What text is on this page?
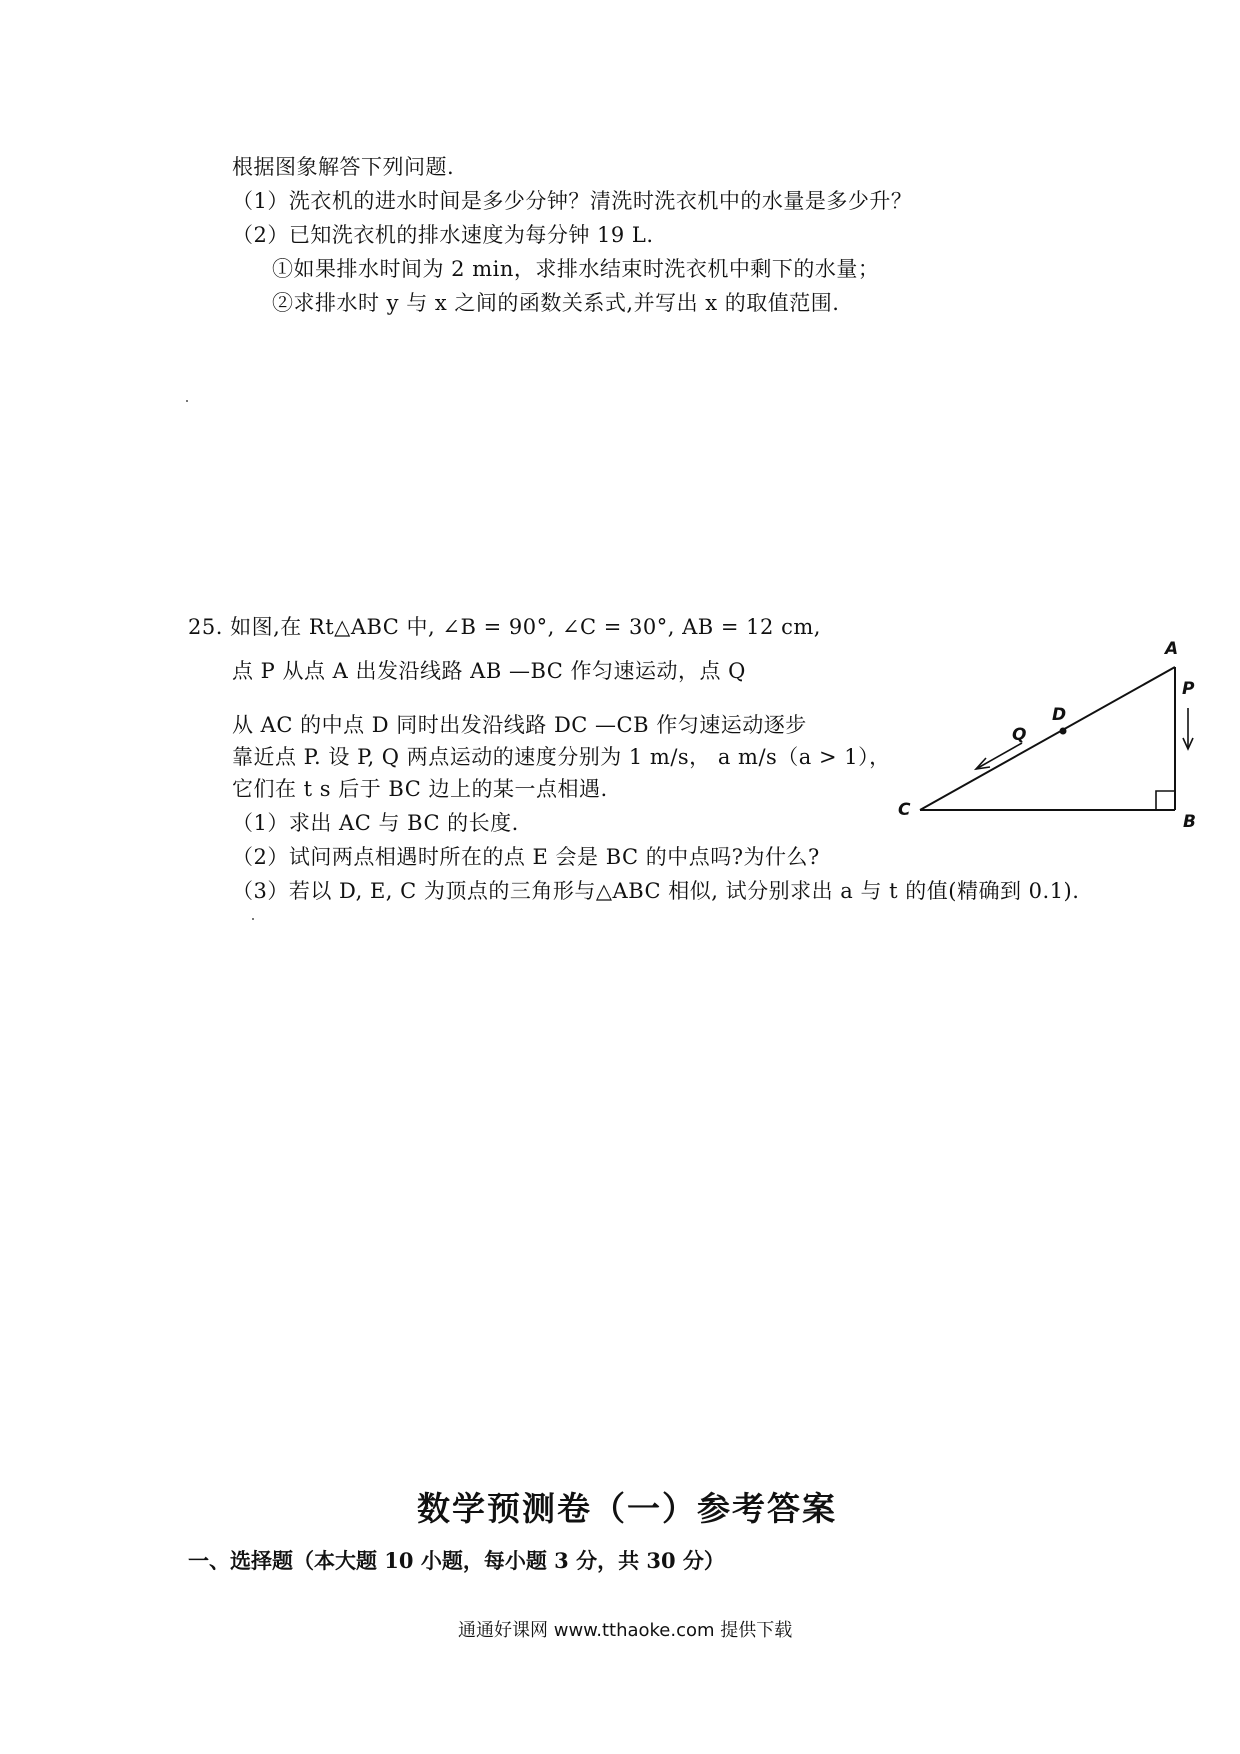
根据图象解答下列问题.
（1）洗衣机的进水时间是多少分钟？清洗时洗衣机中的水量是多少升？
（2）已知洗衣机的排水速度为每分钟 19 L.
①如果排水时间为 2 min，求排水结束时洗衣机中剩下的水量；
②求排水时 y 与 x 之间的函数关系式,并写出 x 的取值范围.
25. 如图,在 Rt△ABC 中, ∠B = 90°, ∠C = 30°, AB = 12 cm,
点 P 从点 A 出发沿线路 AB —BC 作匀速运动，点 Q
从 AC 的中点 D 同时出发沿线路 DC —CB 作匀速运动逐步
靠近点 P. 设 P, Q 两点运动的速度分别为 1 m/s， a m/s（a > 1），
它们在 t s 后于 BC 边上的某一点相遇.
（1）求出 AC 与 BC 的长度.
（2）试问两点相遇时所在的点 E 会是 BC 的中点吗?为什么?
（3）若以 D, E, C 为顶点的三角形与△ABC 相似, 试分别求出 a 与 t 的值(精确到 0.1).
A
B
C
D
P
Q
数学预测卷（一）参考答案
一、选择题（本大题 10 小题，每小题 3 分，共 30 分）
通通好课网 www.tthaoke.com 提供下载
